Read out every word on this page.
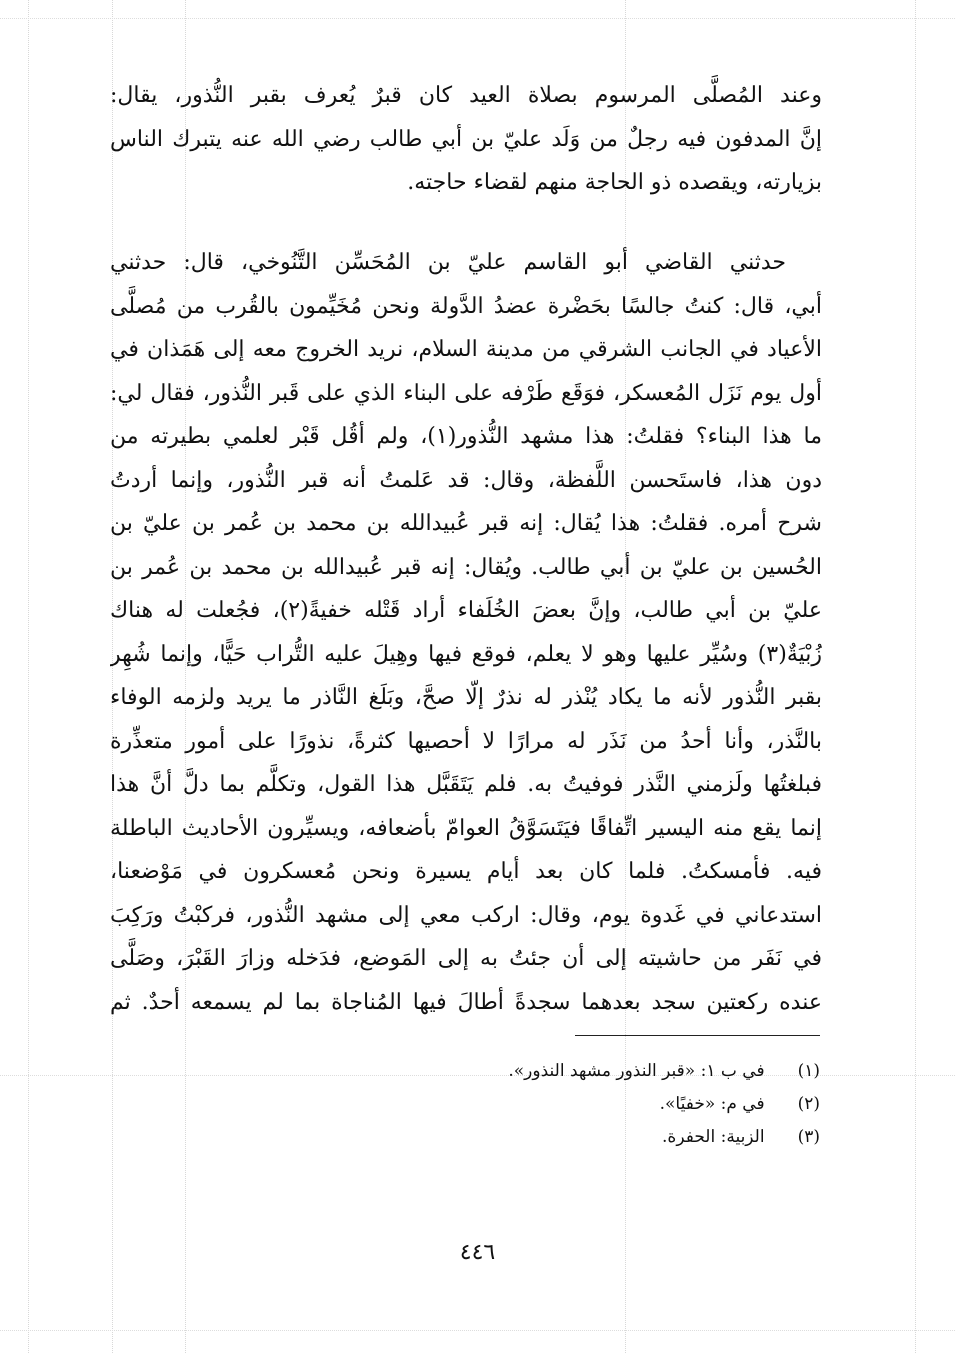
وعند المُصلَّى المرسوم بصلاة العيد كان قبرٌ يُعرف بقبر النُّذور، يقال:
إنَّ المدفون فيه رجلٌ من وَلَد عليّ بن أبي طالب رضي الله عنه يتبرك الناس
بزيارته، ويقصده ذو الحاجة منهم لقضاء حاجته.
حدثني القاضي أبو القاسم عليّ بن المُحَسِّن التَّنُوخي، قال: حدثني
أبي، قال: كنتُ جالسًا بحَضْرة عضدُ الدَّولة ونحن مُخَيِّمون بالقُرب من مُصلَّى
الأعياد في الجانب الشرقي من مدينة السلام، نريد الخروج معه إلى هَمَذان في
أول يوم نَزَل المُعسكر، فوَقَع طَرْفه على البناء الذي على قَبر النُّذور، فقال لي:
ما هذا البناء؟ فقلتُ: هذا مشهد النُّذور(١)، ولم أقُل قَبْر لعلمي بطيرته من
دون هذا، فاستَحسن اللَّفظة، وقال: قد عَلمتُ أنه قبر النُّذور، وإنما أردتُ
شرح أمره. فقلتُ: هذا يُقال: إنه قبر عُبيدالله بن محمد بن عُمر بن عليّ بن
الحُسين بن عليّ بن أبي طالب. ويُقال: إنه قبر عُبيدالله بن محمد بن عُمر بن
عليّ بن أبي طالب، وإنَّ بعضَ الخُلَفاء أراد قَتْله خفيةً(٢)، فجُعلت له هناك
زُبْيَةٌ(٣) وسُيِّر عليها وهو لا يعلم، فوقع فيها وهِيلَ عليه التُّراب حَيًّا، وإنما شُهِر
بقبر النُّذور لأنه ما يكاد يُنْذر له نذرٌ إلّا صحَّ، وبَلَغ النَّاذر ما يريد ولزمه الوفاء
بالنَّذر، وأنا أحدُ من نَذَر له مرارًا لا أحصيها كثرةً، نذورًا على أمور متعذِّرة
فبلغتُها ولَزمني النَّذر فوفيتُ به. فلم يَتَقَبَّل هذا القول، وتكلَّم بما دلَّ أنَّ هذا
إنما يقع منه اليسير اتِّفاقًا فيَتَسَوَّقُ العوامّ بأضعافه، ويسيِّرون الأحاديث الباطلة
فيه. فأمسكتُ. فلما كان بعد أيام يسيرة ونحن مُعسكرون في مَوْضعنا،
استدعاني في غَدوة يوم، وقال: اركب معي إلى مشهد النُّذور، فركبْتُ ورَكِبَ
في نَفَر من حاشيته إلى أن جئتُ به إلى المَوضع، فدَخله وزارَ القَبْرَ، وصَلَّى
عنده ركعتين سجد بعدهما سجدةً أطالَ فيها المُناجاة بما لم يسمعه أحدٌ. ثم
(١) في ب ١: «قبر النذور مشهد النذور».
(٢) في م: «خفيًا».
(٣) الزبية: الحفرة.
٤٤٦
